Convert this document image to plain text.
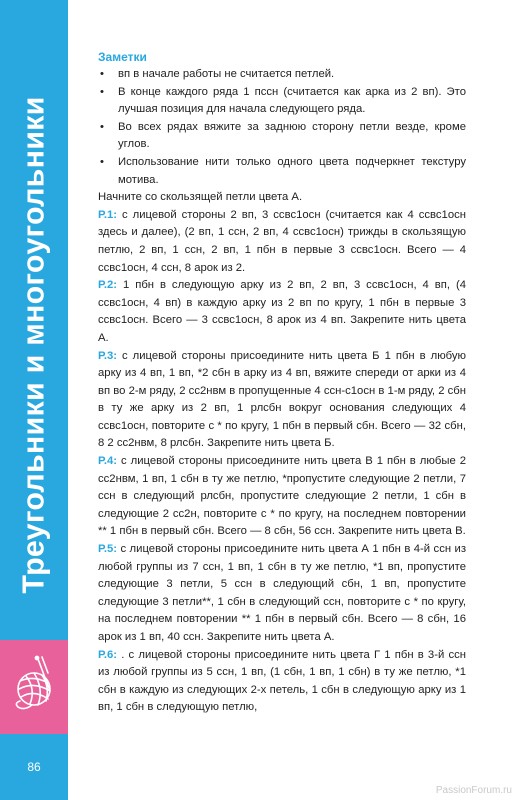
Треугольники и многоугольники
86
Заметки
• вп в начале работы не считается петлей.
• В конце каждого ряда 1 пссн (считается как арка из 2 вп). Это лучшая позиция для начала следующего ряда.
• Во всех рядах вяжите за заднюю сторону петли везде, кроме углов.
• Использование нити только одного цвета подчеркнет текстуру мотива.

Начните со скользящей петли цвета А.

Р.1: с лицевой стороны 2 вп, 3 ссвс1осн (считается как 4 ссвс1осн здесь и далее), (2 вп, 1 ссн, 2 вп, 4 ссвс1осн) трижды в скользящую петлю, 2 вп, 1 ссн, 2 вп, 1 пбн в первые 3 ссвс1осн. Всего — 4 ссвс1осн, 4 ссн, 8 арок из 2.

Р.2: 1 пбн в следующую арку из 2 вп, 2 вп, 3 ссвс1осн, 4 вп, (4 ссвс1осн, 4 вп) в каждую арку из 2 вп по кругу, 1 пбн в первые 3 ссвс1осн. Всего — 3 ссвс1осн, 8 арок из 4 вп. Закрепите нить цвета А.

Р.3: с лицевой стороны присоедините нить цвета Б 1 пбн в любую арку из 4 вп, 1 вп, *2 сбн в арку из 4 вп, вяжите спереди от арки из 4 вп во 2-м ряду, 2 сс2нвм в пропущенные 4 ссн-с1осн в 1-м ряду, 2 сбн в ту же арку из 2 вп, 1 рлсбн вокруг основания следующих 4 ссвс1осн, повторите с * по кругу, 1 пбн в первый сбн. Всего — 32 сбн, 8 2 сс2нвм, 8 рлсбн. Закрепите нить цвета Б.

Р.4: с лицевой стороны присоедините нить цвета В 1 пбн в любые 2 сс2нвм, 1 вп, 1 сбн в ту же петлю, *пропустите следующие 2 петли, 7 ссн в следующий рлсбн, пропустите следующие 2 петли, 1 сбн в следующие 2 сс2н, повторите с * по кругу, на последнем повторении ** 1 пбн в первый сбн. Всего — 8 сбн, 56 ссн. Закрепите нить цвета В.

Р.5: с лицевой стороны присоедините нить цвета А 1 пбн в 4-й ссн из любой группы из 7 ссн, 1 вп, 1 сбн в ту же петлю, *1 вп, пропустите следующие 3 петли, 5 ссн в следующий сбн, 1 вп, пропустите следующие 3 петли**, 1 сбн в следующий ссн, повторите с * по кругу, на последнем повторении ** 1 пбн в первый сбн. Всего — 8 сбн, 16 арок из 1 вп, 40 ссн. Закрепите нить цвета А.

Р.6: . с лицевой стороны присоедините нить цвета Г 1 пбн в 3-й ссн из любой группы из 5 ссн, 1 вп, (1 сбн, 1 вп, 1 сбн) в ту же петлю, *1 сбн в каждую из следующих 2-х петель, 1 сбн в следующую арку из 1 вп, 1 сбн в следующую петлю,

PassionForum.ru
